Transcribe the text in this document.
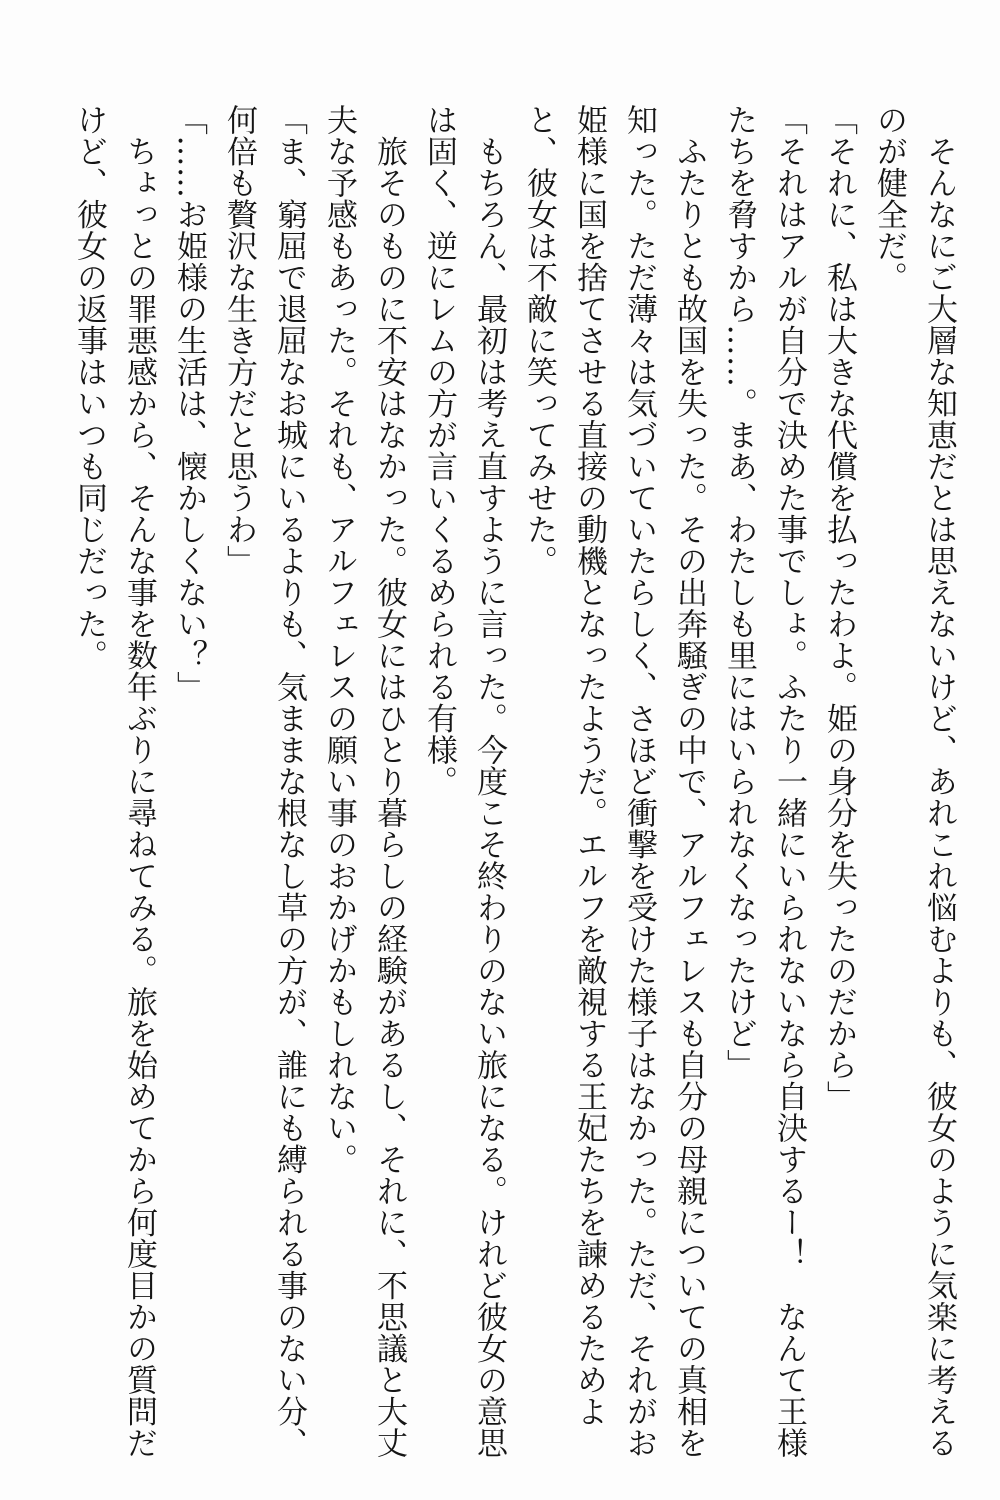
　そんなにご大層な知恵だとは思えないけど、あれこれ悩むよりも、彼女のように気楽に考える

のが健全だ。

「それに、私は大きな代償を払ったわよ。姫の身分を失ったのだから」

「それはアルが自分で決めた事でしょ。ふたり一緒にいられないなら自決するー！　なんて王様

たちを脅すから……。まあ、わたしも里にはいられなくなったけど」

　ふたりとも故国を失った。その出奔騒ぎの中で、アルフェレスも自分の母親についての真相を

知った。ただ薄々は気づいていたらしく、さほど衝撃を受けた様子はなかった。ただ、それがお

姫様に国を捨てさせる直接の動機となったようだ。エルフを敵視する王妃たちを諫めるためよ

と、彼女は不敵に笑ってみせた。

　もちろん、最初は考え直すように言った。今度こそ終わりのない旅になる。けれど彼女の意思

は固く、逆にレムの方が言いくるめられる有様。

　旅そのものに不安はなかった。彼女にはひとり暮らしの経験があるし、それに、不思議と大丈

夫な予感もあった。それも、アルフェレスの願い事のおかげかもしれない。

「ま、窮屈で退屈なお城にいるよりも、気ままな根なし草の方が、誰にも縛られる事のない分、

何倍も贅沢な生き方だと思うわ」

「……お姫様の生活は、懐かしくない？」

　ちょっとの罪悪感から、そんな事を数年ぶりに尋ねてみる。旅を始めてから何度目かの質問だ

けど、彼女の返事はいつも同じだった。
